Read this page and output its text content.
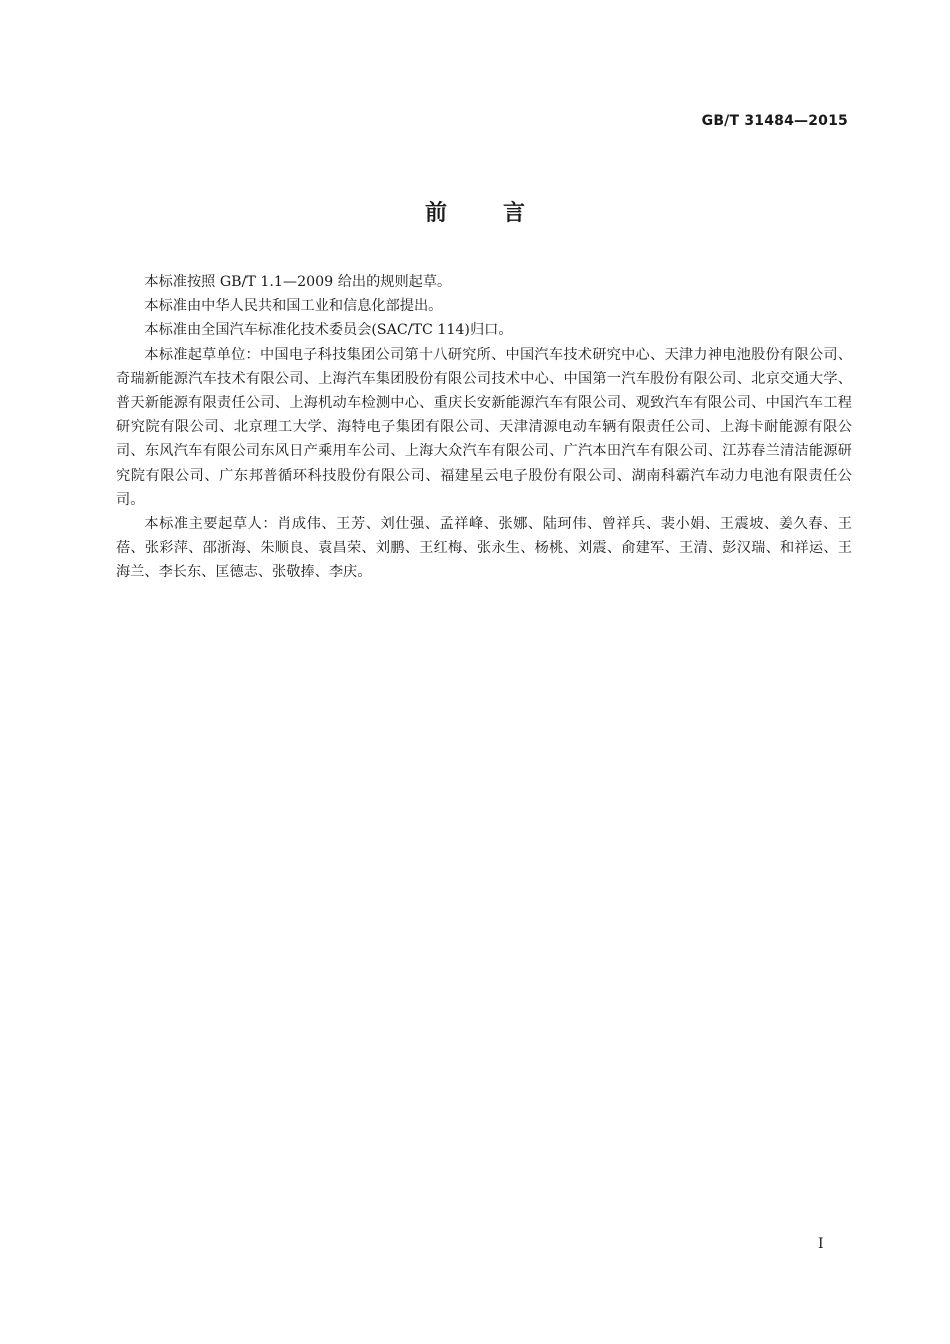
GB/T 31484—2015
前言

本标准按照 GB/T 1.1—2009 给出的规则起草。

本标准由中华人民共和国工业和信息化部提出。

本标准由全国汽车标准化技术委员会(SAC/TC 114)归口。

本标准起草单位：中国电子科技集团公司第十八研究所、中国汽车技术研究中心、天津力神电池股份有限公司、奇瑞新能源汽车技术有限公司、上海汽车集团股份有限公司技术中心、中国第一汽车股份有限公司、北京交通大学、普天新能源有限责任公司、上海机动车检测中心、重庆长安新能源汽车有限公司、观致汽车有限公司、中国汽车工程研究院有限公司、北京理工大学、海特电子集团有限公司、天津清源电动车辆有限责任公司、上海卡耐能源有限公司、东风汽车有限公司东风日产乘用车公司、上海大众汽车有限公司、广汽本田汽车有限公司、江苏春兰清洁能源研究院有限公司、广东邦普循环科技股份有限公司、福建星云电子股份有限公司、湖南科霸汽车动力电池有限责任公司。

本标准主要起草人：肖成伟、王芳、刘仕强、孟祥峰、张娜、陆珂伟、曾祥兵、裴小娟、王震坡、姜久春、王蓓、张彩萍、邵浙海、朱顺良、袁昌荣、刘鹏、王红梅、张永生、杨桃、刘震、俞建军、王清、彭汉瑞、和祥运、王海兰、李长东、匡德志、张敬捧、李庆。

I
